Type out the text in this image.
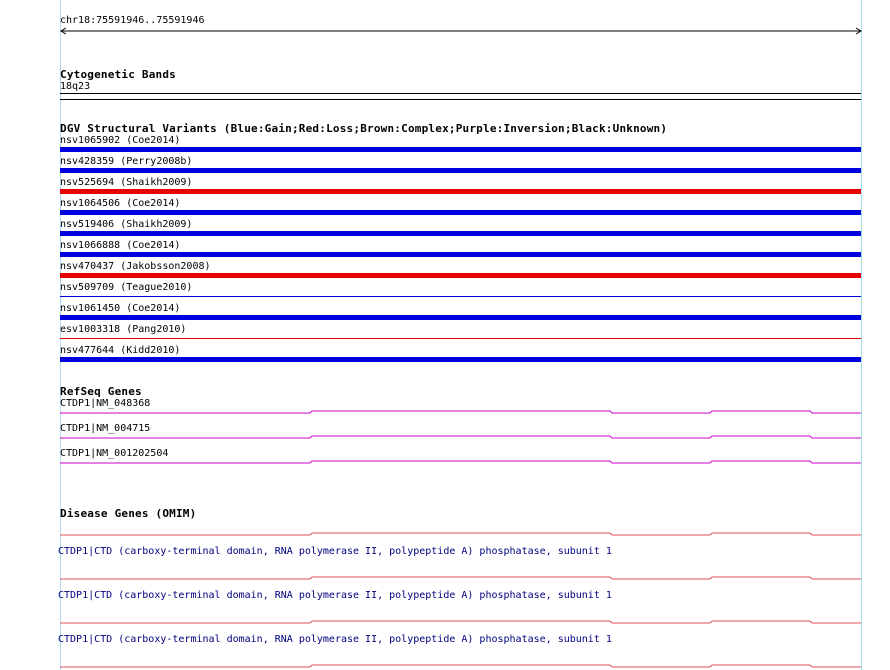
chr18:75591946..75591946
Cytogenetic Bands
18q23
DGV Structural Variants (Blue:Gain;Red:Loss;Brown:Complex;Purple:Inversion;Black:Unknown)
nsv1065902 (Coe2014)
nsv428359 (Perry2008b)
nsv525694 (Shaikh2009)
nsv1064506 (Coe2014)
nsv519406 (Shaikh2009)
nsv1066888 (Coe2014)
nsv470437 (Jakobsson2008)
nsv509709 (Teague2010)
nsv1061450 (Coe2014)
esv1003318 (Pang2010)
nsv477644 (Kidd2010)
RefSeq Genes
CTDP1|NM_048368
CTDP1|NM_004715
CTDP1|NM_001202504
Disease Genes (OMIM)
CTDP1|CTD (carboxy-terminal domain, RNA polymerase II, polypeptide A) phosphatase, subunit 1
CTDP1|CTD (carboxy-terminal domain, RNA polymerase II, polypeptide A) phosphatase, subunit 1
CTDP1|CTD (carboxy-terminal domain, RNA polymerase II, polypeptide A) phosphatase, subunit 1
